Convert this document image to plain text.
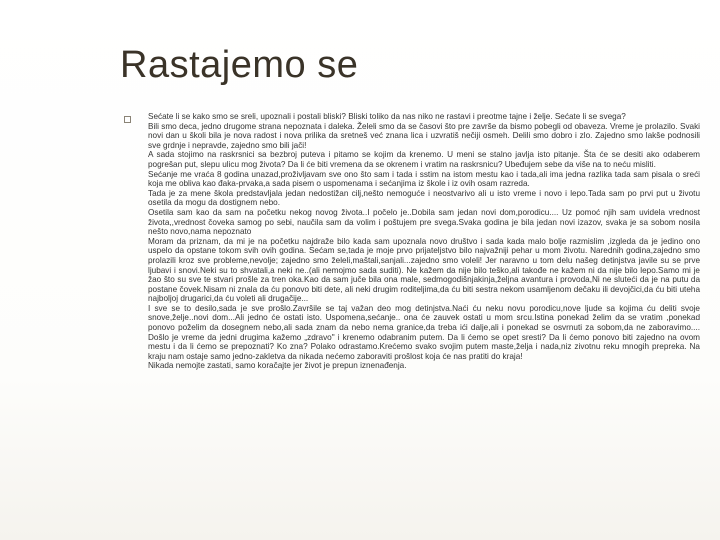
Rastajemo se

Sećate li se kako smo se sreli, upoznali i postali bliski? Bliski toliko da nas niko ne rastavi i preotme tajne i želje. Sećate li se svega?

Bili smo deca, jedno drugome strana nepoznata i daleka. Želeli smo da se časovi što pre završe da bismo pobegli od obaveza. Vreme je prolazilo. Svaki novi dan u školi bila je nova radost i nova prilika da sretneš već znana lica i uzvratiš nečiji osmeh. Delili smo dobro i zlo. Zajedno smo lakše podnosili sve grdnje i nepravde, zajedno smo bili jači!

A sada stojimo na raskrsnici sa bezbroj puteva i pitamo se kojim da krenemo. U meni se stalno javlja isto pitanje. Šta će se desiti ako odaberem pogrešan put, slepu ulicu mog života? Da li će biti vremena da se okrenem i vratim na raskrsnicu? Ubeđujem sebe da više na to neću misliti.

Sećanje me vraća 8 godina unazad,proživljavam sve ono što sam i tada i sstim na istom mestu kao i tada,ali ima jedna razlika tada sam pisala o sreći koja me obliva kao đaka-prvaka,a sada pisem o uspomenama i sećanjima iz škole i iz ovih osam razreda.

Tada je za mene škola predstavljala jedan nedostižan cilj,nešto nemoguće i neostvarivo ali u isto vreme i novo i lepo.Tada sam po prvi put u životu osetila da mogu da dostignem nebo.

Osetila sam kao da sam na početku nekog novog života..I počelo je..Dobila sam jedan novi dom,porodicu.... Uz pomoć njih sam uvidela vrednost života,,vrednost čoveka samog po sebi, naučila sam da volim i poštujem pre svega.Svaka godina je bila jedan novi izazov, svaka je sa sobom nosila nešto novo,nama nepoznato

Moram da priznam, da mi je na početku najdraže bilo kada sam upoznala novo društvo i sada kada malo bolje razmislim ,izgleda da je jedino ono uspelo da opstane tokom svih ovih godina. Sećam se,tada je moje prvo prijateljstvo bilo najvažniji pehar u mom životu. Narednih godina,zajedno smo prolazili kroz sve probleme,nevolje; zajedno smo želeli,maštali,sanjali...zajedno smo voleli! Jer naravno u tom delu našeg detinjstva javile su se prve ljubavi i snovi.Neki su to shvatali,a neki ne..(ali nemojmo sada suditi). Ne kažem da nije bilo teško,ali takođe ne kažem ni da nije bilo lepo.Samo mi je žao što su sve te stvari prošle za tren oka.Kao da sam juče bila ona male, sedmogodišnjakinja,željna avantura i provoda,Ni ne sluteći da je na putu da postane čovek.Nisam ni znala da ću ponovo biti dete, ali neki drugim roditeljima,da ću biti sestra nekom usamljenom dečaku ili devojčici,da ću biti uteha najboljoj drugarici,da ću voleti ali drugačije...

I sve se to desilo,sada je sve prošlo.Završile se taj važan deo mog detinjstva.Naći ću neku novu porodicu,nove ljude sa kojima ću deliti svoje snove,želje..novi dom...Ali jedno će ostati isto. Uspomena,sećanje.. ona će zauvek ostati u mom srcu.Istina ponekad želim da se vratim ,ponekad ponovo poželim da dosegnem nebo,ali sada znam da nebo nema granice,da treba ići dalje,ali i ponekad se osvrnuti za sobom,da ne zaboravimo.... Došlo je vreme da jedni drugima kažemo „zdravo" i krenemo odabranim putem. Da li ćemo se opet sresti? Da li ćemo ponovo biti zajedno na ovom mestu i da li ćemo se prepoznati? Ko zna? Polako odrastamo.Krećemo svako svojim putem maste,želja i nada,niz zivotnu reku mnogih prepreka. Na kraju nam ostaje samo jedno-zakletva da nikada nećemo zaboraviti prošlost koja će nas pratiti do kraja!

Nikada nemojte zastati, samo koračajte jer život je prepun iznenađenja.
